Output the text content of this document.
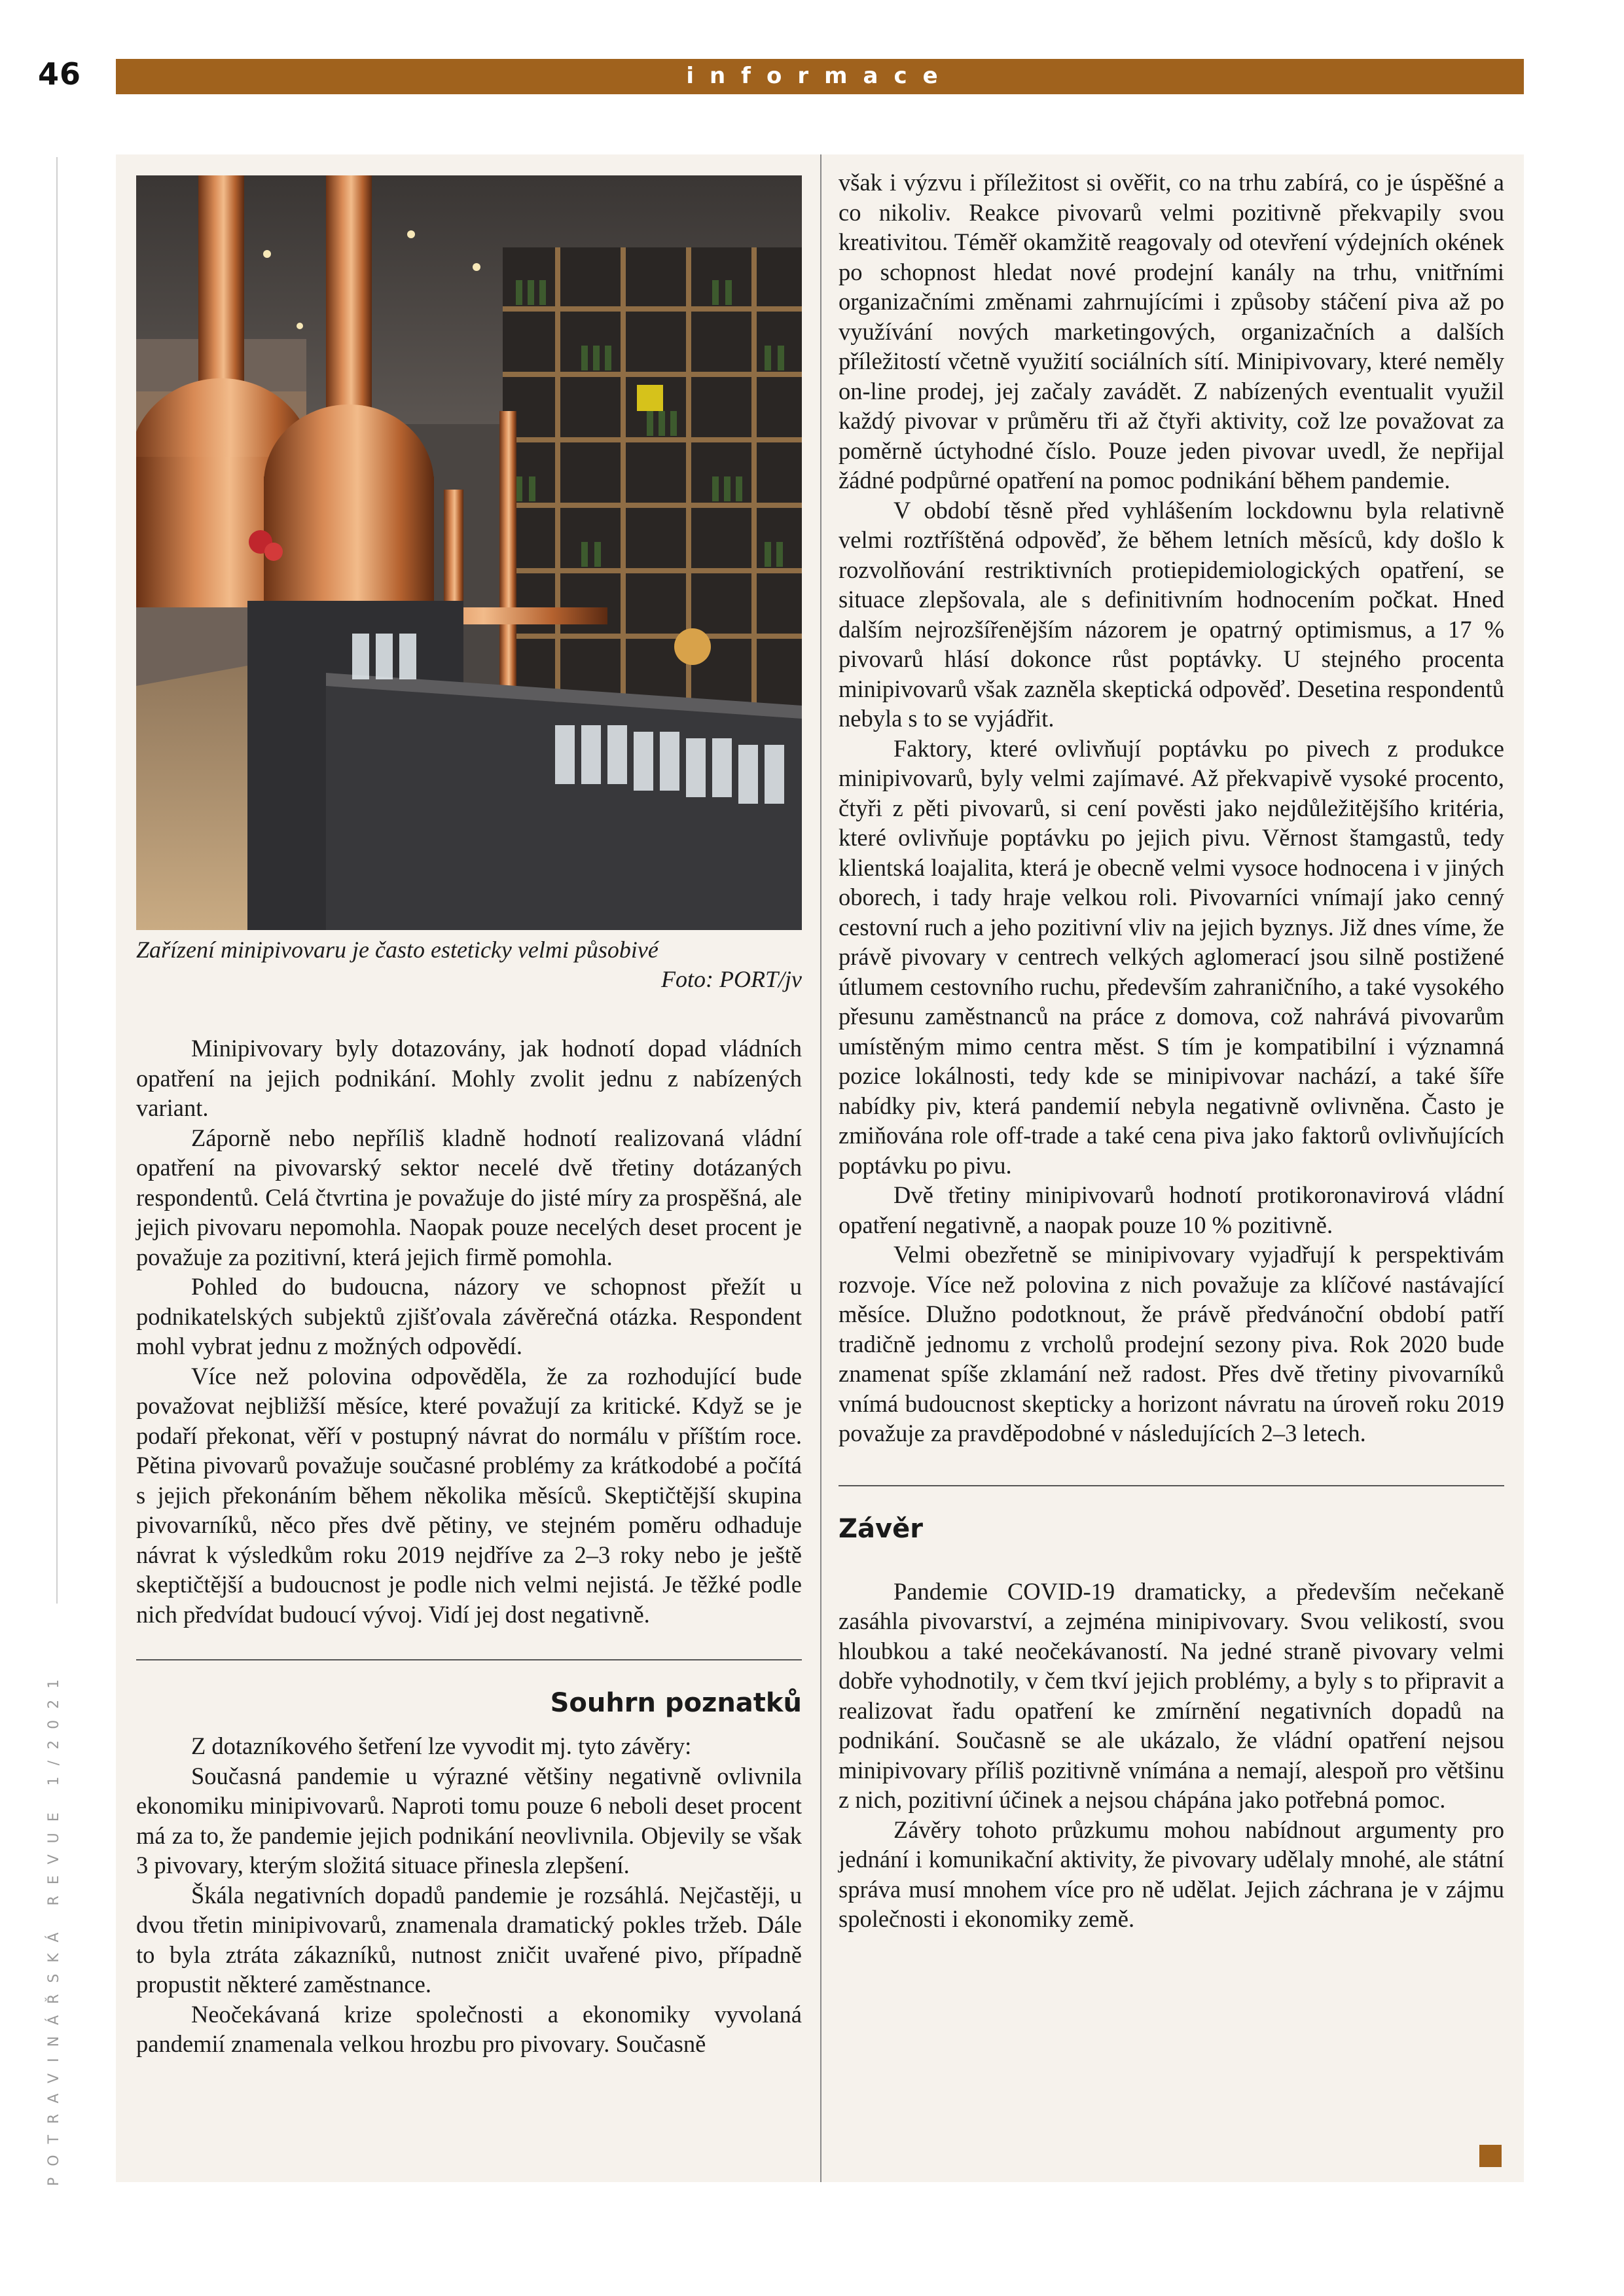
46	informace
POTRAVINÁŘSKÁ REVUE 1/2021
Zařízení minipivovaru je často esteticky velmi působivé
Foto: PORT/jv

Minipivovary byly dotazovány, jak hodnotí dopad vládních opatření na jejich podnikání. Mohly zvolit jednu z nabízených variant.

Záporně nebo nepříliš kladně hodnotí realizovaná vládní opatření na pivovarský sektor necelé dvě třetiny dotázaných respondentů. Celá čtvrtina je považuje do jisté míry za prospěšná, ale jejich pivovaru nepomohla. Naopak pouze necelých deset procent je považuje za pozitivní, která jejich firmě pomohla.

Pohled do budoucna, názory ve schopnost přežít u podnikatelských subjektů zjišťovala závěrečná otázka. Respondent mohl vybrat jednu z možných odpovědí.

Více než polovina odpověděla, že za rozhodující bude považovat nejbližší měsíce, které považují za kritické. Když se je podaří překonat, věří v postupný návrat do normálu v příštím roce. Pětina pivovarů považuje současné problémy za krátkodobé a počítá s jejich překonáním během několika měsíců. Skeptičtější skupina pivovarníků, něco přes dvě pětiny, ve stejném poměru odhaduje návrat k výsledkům roku 2019 nejdříve za 2–3 roky nebo je ještě skeptičtější a budoucnost je podle nich velmi nejistá. Je těžké podle nich předvídat budoucí vývoj. Vidí jej dost negativně.

Souhrn poznatků

Z dotazníkového šetření lze vyvodit mj. tyto závěry:

Současná pandemie u výrazné většiny negativně ovlivnila ekonomiku minipivovarů. Naproti tomu pouze 6 neboli deset procent má za to, že pandemie jejich podnikání neovlivnila. Objevily se však 3 pivovary, kterým složitá situace přinesla zlepšení.

Škála negativních dopadů pandemie je rozsáhlá. Nejčastěji, u dvou třetin minipivovarů, znamenala dramatický pokles tržeb. Dále to byla ztráta zákazníků, nutnost zničit uvařené pivo, případně propustit některé zaměstnance.

Neočekávaná krize společnosti a ekonomiky vyvolaná pandemií znamenala velkou hrozbu pro pivovary. Současně

však i výzvu i příležitost si ověřit, co na trhu zabírá, co je úspěšné a co nikoliv. Reakce pivovarů velmi pozitivně překvapily svou kreativitou. Téměř okamžitě reagovaly od otevření výdejních okének po schopnost hledat nové prodejní kanály na trhu, vnitřními organizačními změnami zahrnujícími i způsoby stáčení piva až po využívání nových marketingových, organizačních a dalších příležitostí včetně využití sociálních sítí. Minipivovary, které neměly on-line prodej, jej začaly zavádět. Z nabízených eventualit využil každý pivovar v průměru tři až čtyři aktivity, což lze považovat za poměrně úctyhodné číslo. Pouze jeden pivovar uvedl, že nepřijal žádné podpůrné opatření na pomoc podnikání během pandemie.

V období těsně před vyhlášením lockdownu byla relativně velmi roztříštěná odpověď, že během letních měsíců, kdy došlo k rozvolňování restriktivních protiepidemiologických opatření, se situace zlepšovala, ale s definitivním hodnocením počkat. Hned dalším nejrozšířenějším názorem je opatrný optimismus, a 17 % pivovarů hlásí dokonce růst poptávky. U stejného procenta minipivovarů však zazněla skeptická odpověď. Desetina respondentů nebyla s to se vyjádřit.

Faktory, které ovlivňují poptávku po pivech z produkce minipivovarů, byly velmi zajímavé. Až překvapivě vysoké procento, čtyři z pěti pivovarů, si cení pověsti jako nejdůležitějšího kritéria, které ovlivňuje poptávku po jejich pivu. Věrnost štamgastů, tedy klientská loajalita, která je obecně velmi vysoce hodnocena i v jiných oborech, i tady hraje velkou roli. Pivovarníci vnímají jako cenný cestovní ruch a jeho pozitivní vliv na jejich byznys. Již dnes víme, že právě pivovary v centrech velkých aglomerací jsou silně postižené útlumem cestovního ruchu, především zahraničního, a také vysokého přesunu zaměstnanců na práce z domova, což nahrává pivovarům umístěným mimo centra měst. S tím je kompatibilní i významná pozice lokálnosti, tedy kde se minipivovar nachází, a také šíře nabídky piv, která pandemií nebyla negativně ovlivněna. Často je zmiňována role off-trade a také cena piva jako faktorů ovlivňujících poptávku po pivu.

Dvě třetiny minipivovarů hodnotí protikoronavirová vládní opatření negativně, a naopak pouze 10 % pozitivně.

Velmi obezřetně se minipivovary vyjadřují k perspektivám rozvoje. Více než polovina z nich považuje za klíčové nastávající měsíce. Dlužno podotknout, že právě předvánoční období patří tradičně jednomu z vrcholů prodejní sezony piva. Rok 2020 bude znamenat spíše zklamání než radost. Přes dvě třetiny pivovarníků vnímá budoucnost skepticky a horizont návratu na úroveň roku 2019 považuje za pravděpodobné v následujících 2–3 letech.

Závěr

Pandemie COVID-19 dramaticky, a především nečekaně zasáhla pivovarství, a zejména minipivovary. Svou velikostí, svou hloubkou a také neočekávaností. Na jedné straně pivovary velmi dobře vyhodnotily, v čem tkví jejich problémy, a byly s to připravit a realizovat řadu opatření ke zmírnění negativních dopadů na podnikání. Současně se ale ukázalo, že vládní opatření nejsou minipivovary příliš pozitivně vnímána a nemají, alespoň pro většinu z nich, pozitivní účinek a nejsou chápána jako potřebná pomoc.

Závěry tohoto průzkumu mohou nabídnout argumenty pro jednání i komunikační aktivity, že pivovary udělaly mnohé, ale státní správa musí mnohem více pro ně udělat. Jejich záchrana je v zájmu společnosti i ekonomiky země.
